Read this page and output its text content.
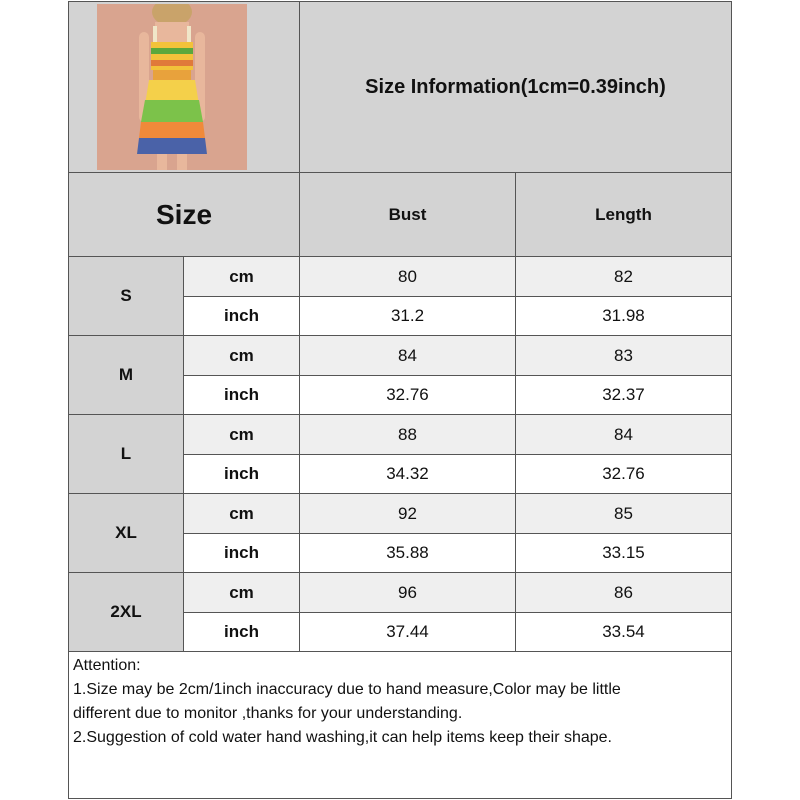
Size Information(1cm=0.39inch)
Size	Bust	Length
S
cm	80	82
inch	31.2	31.98
M
cm	84	83
inch	32.76	32.37
L
cm	88	84
inch	34.32	32.76
XL
cm	92	85
inch	35.88	33.15
2XL
cm	96	86
inch	37.44	33.54
Attention:
1.Size may be 2cm/1inch inaccuracy due to hand measure,Color may be little
different due to monitor ,thanks for your understanding.
2.Suggestion of cold water hand washing,it can help items keep their shape.
